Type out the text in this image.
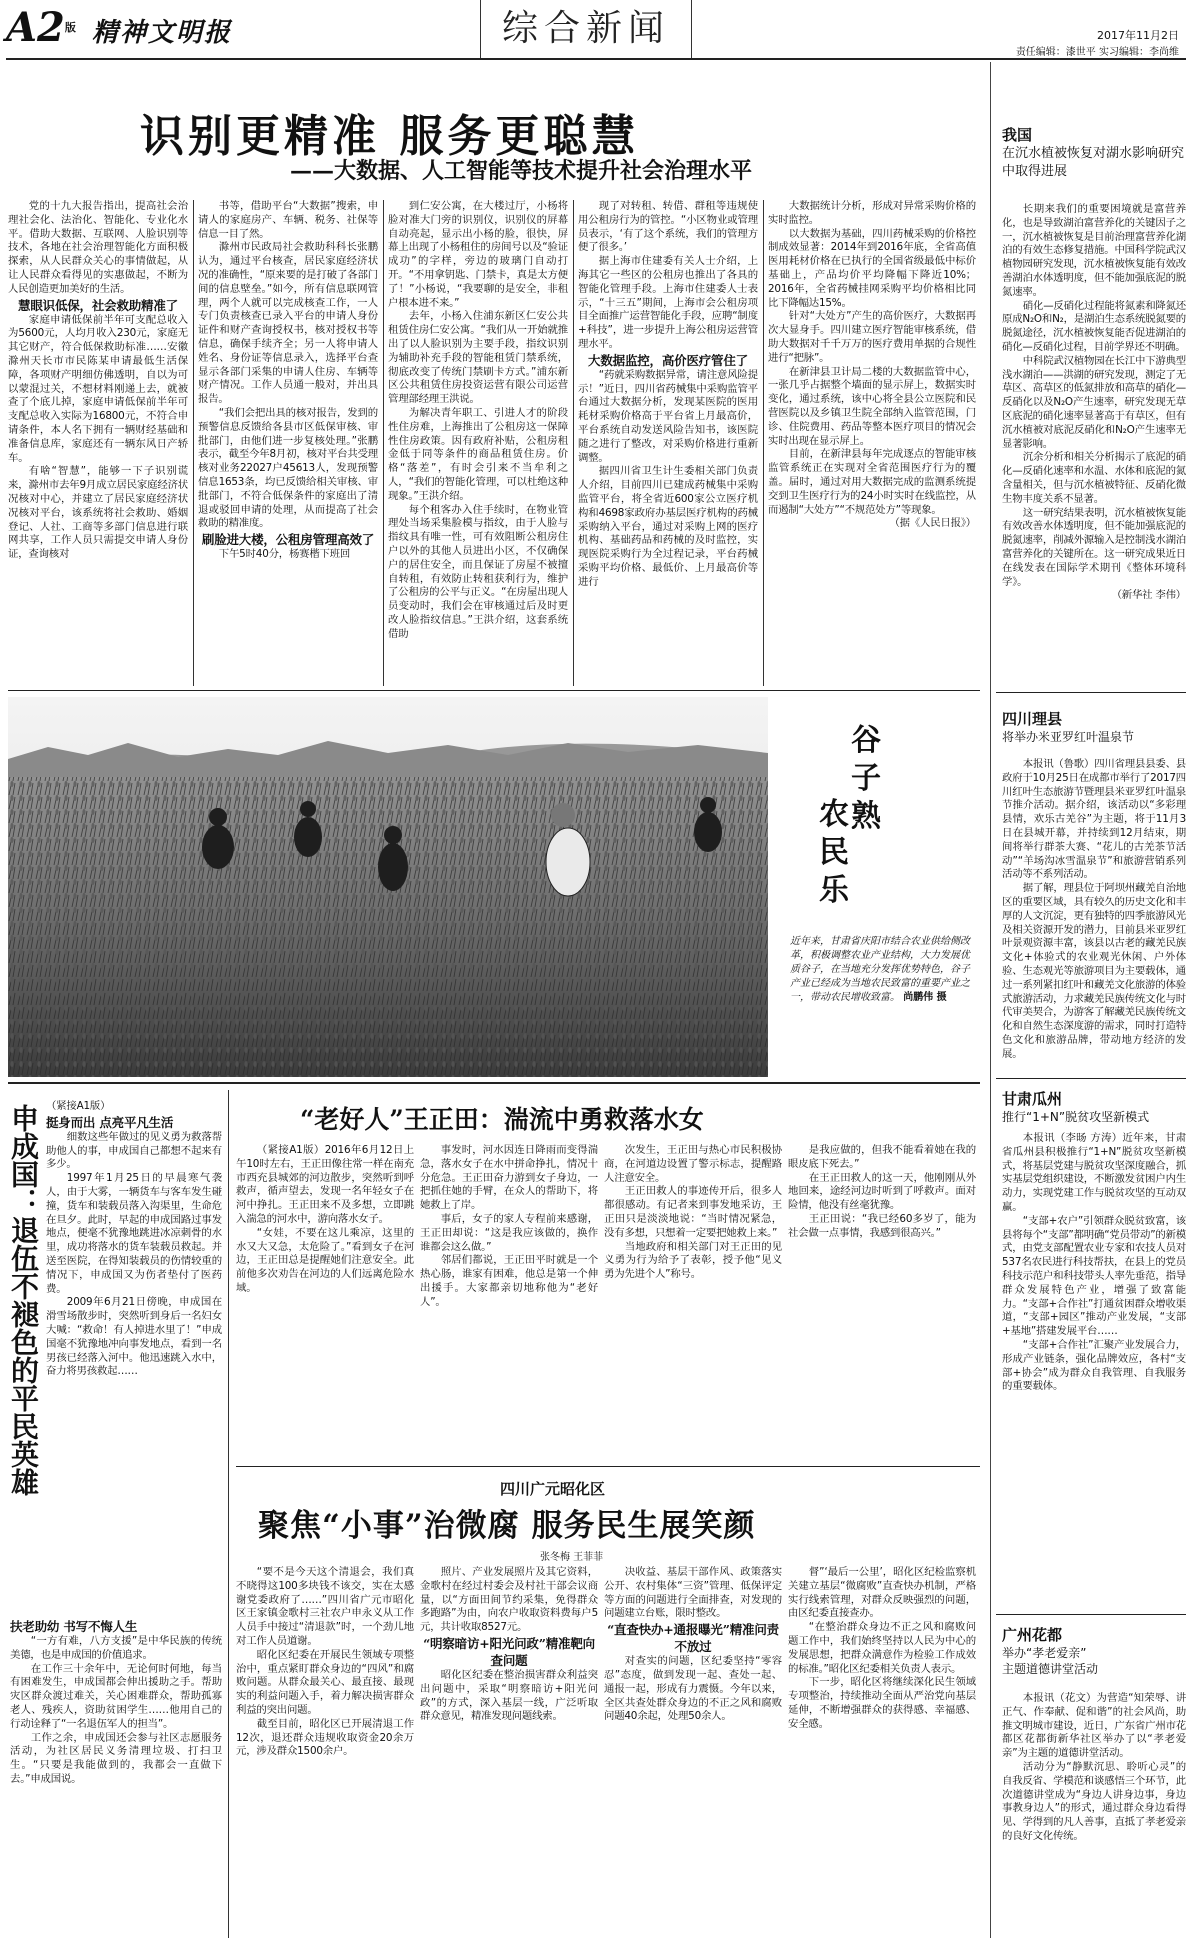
A2版 精神文明报	综合新闻	2017年11月2日
责任编辑：漆世平 实习编辑：李尚维
识别更精准 服务更聪慧
——大数据、人工智能等技术提升社会治理水平

党的十九大报告指出，提高社会治理社会化、法治化、智能化、专业化水平。借助大数据、互联网、人脸识别等技术，各地在社会治理智能化方面积极探索，从人民群众关心的事情做起，从让人民群众看得见的实惠做起，不断为人民创造更加美好的生活。

慧眼识低保，社会救助精准了

家庭申请低保前半年可支配总收入为5600元，人均月收入230元，家庭无其它财产，符合低保救助标准……安徽滁州天长市市民陈某申请最低生活保障，各项财产明细仿佛透明，自以为可以蒙混过关，不想材料刚递上去，就被查了个底儿掉，家庭申请低保前半年可支配总收入实际为16800元，不符合申请条件，本人名下拥有一辆财经基础和准备信息库，家庭还有一辆东风日产轿车。

有啥“智慧”，能够一下子识别谎来，滁州市去年9月成立居民家庭经济状况核对中心，并建立了居民家庭经济状况核对平台，该系统将社会救助、婚姻登记、人社、工商等多部门信息进行联网共享，工作人员只需提交申请人身份证，查询核对

书等，借助平台“大数据”搜索，申请人的家庭房产、车辆、税务、社保等信息一目了然。

滁州市民政局社会救助科科长张鹏认为，通过平台核查，居民家庭经济状况的准确性，“原来要的是打破了各部门间的信息壁垒。”如今，所有信息联网管理，两个人就可以完成核查工作，一人专门负责核查已录入平台的申请人身份证件和财产查询授权书，核对授权书等信息，确保手续齐全；另一人将申请人姓名、身份证等信息录入，选择平台查显示各部门采集的申请人住房、车辆等财产情况。工作人员通一般对，并出具报告。

“我们会把出具的核对报告，发到的预警信息反馈给各县市区低保审核、审批部门，由他们进一步复核处理。”张鹏表示，截至今年8月初，核对平台共受理核对业务22027户45613人，发现预警信息1653条，均已反馈给相关审核、审批部门，不符合低保条件的家庭出了清退或驳回申请的处理，从而提高了社会救助的精准度。

刷脸进大楼，公租房管理高效了

下午5时40分，杨赛楷下班回

到仁安公寓，在大楼过厅，小杨将脸对准大门旁的识别仪，识别仪的屏幕自动亮起，显示出小杨的脸，很快，屏幕上出现了小杨租住的房间号以及“验证成功”的字样，旁边的玻璃门自动打开。“不用拿钥匙、门禁卡，真是太方便了！”小杨说，“我要聊的是安全，非租户根本进不来。”

去年，小杨入住浦东新区仁安公共租赁住房仁安公寓。“我们从一开始就推出了以人脸识别为主要手段，指纹识别为辅助补充手段的智能租赁门禁系统，彻底改变了传统门禁刷卡方式。”浦东新区公共租赁住房投资运营有限公司运营管理部经理王洪说。

为解决青年职工、引进人才的阶段性住房难，上海推出了公租房这一保障性住房政策。因有政府补贴，公租房租金低于同等条件的商品租赁住房。价格“落差”，有时会引来不当牟利之人，“我们的智能化管理，可以杜绝这种现象。”王洪介绍。

每个租客办入住手续时，在物业管理处当场采集脸模与指纹，由于人脸与指纹具有唯一性，可有效阻断公租房住户以外的其他人员进出小区，不仅确保户的居住安全，而且保证了房屋不被擅自转租，有效防止转租获利行为，维护了公租房的公平与正义。“在房屋出现人员变动时，我们会在审核通过后及时更改人脸指纹信息。”王洪介绍，这套系统借助

现了对转租、转借、群租等违规使用公租房行为的管控。“小区物业或管理员表示，‘有了这个系统，我们的管理方便了很多。’

据上海市住建委有关人士介绍，上海其它一些区的公租房也推出了各具的智能化管理手段。上海市住建委人士表示，“十三五”期间，上海市会公租房项目全面推广运营智能化手段，应聘“制度+科技”，进一步提升上海公租房运营管理水平。

大数据监控，高价医疗管住了

“药就采购数据异常，请注意风险提示！”近日，四川省药械集中采购监管平台通过大数据分析，发现某医院的医用耗材采购价格高于平台省上月最高价，平台系统自动发送风险告知书，该医院随之进行了整改，对采购价格进行重新调整。

据四川省卫生计生委相关部门负责人介绍，目前四川已建成药械集中采购监管平台，将全省近600家公立医疗机构和4698家政府办基层医疗机构的药械采购纳入平台，通过对采购上网的医疗机构、基础药品和药械的及时监控，实现医院采购行为全过程记录，平台药械采购平均价格、最低价、上月最高价等进行

大数据统计分析，形成对异常采购价格的实时监控。

以大数据为基础，四川药械采购的价格控制成效显著：2014年到2016年底，全省高值医用耗材价格在已执行的全国省级最低中标价基础上，产品均价平均降幅下降近10%；2016年，全省药械挂网采购平均价格相比同比下降幅达15%。

针对“大处方”产生的高价医疗，大数据再次大显身手。四川建立医疗智能审核系统，借助大数据对千千万万的医疗费用单据的合规性进行“把脉”。

在新津县卫计局二楼的大数据监管中心，一张几乎占据整个墙面的显示屏上，数据实时变化，通过系统，该中心将全县公立医院和民营医院以及乡镇卫生院全部纳入监管范围，门诊、住院费用、药品等整本医疗项目的情况会实时出现在显示屏上。

目前，在新津县每年完成逐点的智能审核监管系统正在实现对全省范围医疗行为的覆盖。届时，通过对用大数据完成的监测系统提交到卫生医疗行为的24小时实时在线监控，从而遏制“大处方”“不规范处方”等现象。

（据《人民日报》）

我国
在沉水植被恢复对湖水影响研究中取得进展

长期来我们的重要困境就是富营养化，也是导致湖泊富营养化的关键因子之一，沉水植被恢复是目前治理富营养化湖泊的有效生态修复措施。中国科学院武汉植物园研究发现，沉水植被恢复能有效改善湖泊水体透明度，但不能加强底泥的脱氮速率。

硝化—反硝化过程能将氮素和降氮还原成N₂O和N₂，是湖泊生态系统脱氮要的脱氮途径，沉水植被恢复能否促进湖泊的硝化—反硝化过程，目前学界还不明确。

中科院武汉植物园在长江中下游典型浅水湖泊——洪湖的研究发现，测定了无草区、高草区的低氮排放和高草的硝化—反硝化以及N₂O产生速率，研究发现无草区底泥的硝化速率显著高于有草区，但有沉水植被对底泥反硝化和N₂O产生速率无显著影响。

沉余分析和相关分析揭示了底泥的硝化—反硝化速率和水温、水体和底泥的氮含量相关，但与沉水植被特征、反硝化微生物丰度关系不显著。

这一研究结果表明，沉水植被恢复能有效改善水体透明度，但不能加强底泥的脱氮速率，削减外源输入是控制浅水湖泊富营养化的关键所在。这一研究成果近日在线发表在国际学术期刊《整体环境科学》。

（新华社 李伟）

四川理县
将举办米亚罗红叶温泉节

本报讯（鲁歌）四川省理县县委、县政府于10月25日在成都市举行了2017四川红叶生态旅游节暨理县米亚罗红叶温泉节推介活动。据介绍，该活动以“多彩理县情，欢乐古羌谷”为主题，将于11月3日在县城开幕，并持续到12月结束，期间将举行群茶大赛、“花儿的古羌茶节活动”“羊场沟冰雪温泉节”和旅游营销系列活动等不系列活动。

据了解，理县位于阿坝州藏羌自治地区的重要区域，具有较久的历史文化和丰厚的人文沉淀，更有独特的四季旅游风光及相关资源开发的潜力，目前县米亚罗红叶景观资源丰富，该县以古老的藏羌民族文化+体验式的农业观光休闲、户外体验、生态观光等旅游项目为主要载体，通过一系列紧扣红叶和藏羌文化旅游的体验式旅游活动，力求藏羌民族传统文化与时代审美契合，为游客了解藏羌民族传统文化和自然生态深度游的需求，同时打造特色文化和旅游品牌，带动地方经济的发展。

甘肃瓜州
推行“1+N”脱贫攻坚新模式

本报讯（李旸 方涛）近年来，甘肃省瓜州县积极推行“1+N”脱贫攻坚新模式，将基层党建与脱贫攻坚深度融合，抓实基层党组织建设，不断激发贫困户内生动力，实现党建工作与脱贫攻坚的互动双赢。

“支部+农户”引领群众脱贫致富，该县将每个“支部”都明确“党员带动”的新模式，由党支部配置农业专家和农技人员对537名农民进行科技帮扶，在县上的党员科技示范户和科技带头人率先垂范，指导群众发展特色产业，增强了致富能力。“支部+合作社”打通贫困群众增收渠道，“支部+园区”推动产业发展，“支部+基地”搭建发展平台……

“支部+合作社”汇聚产业发展合力，形成产业链条，强化品牌效应，各村“支部+协会”成为群众自我管理、自我服务的重要载体。

广州花都
举办“孝老爱亲”
主题道德讲堂活动

本报讯（花文）为营造“知荣辱、讲正气、作奉献、促和谐”的社会风尚，助推文明城市建设，近日，广东省广州市花都区花都街新华社区举办了以“孝老爱亲”为主题的道德讲堂活动。

活动分为“静默沉思、聆听心灵”的自我反省、学模范和谈感悟三个环节，此次道德讲堂成为“身边人讲身边事，身边事教身边人”的形式，通过群众身边看得见、学得到的凡人善事，直抵了孝老爱亲的良好文化传统。

谷
子
熟
农
民
乐
近年来，甘肃省庆阳市结合农业供给侧改革，积极调整农业产业结构，大力发展优质谷子，在当地充分发挥优势特色，谷子产业已经成为当地农民致富的重要产业之一，带动农民增收致富。 尚鹏伟 摄
申成国：退伍不褪色的平民英雄 （紧接A1版）

挺身而出 点亮平凡生活

细数这些年做过的见义勇为救落帮助他人的事，申成国自己都想不起来有多少。

1997年1月25日的早晨寒气袭人，由于大雾，一辆货车与客车发生碰撞，货车和装载员落入沟渠里，生命危在旦夕。此时，早起的申成国路过事发地点，便毫不犹豫地跳进冰凉刺骨的水里，成功将落水的货车装载员救起。并送至医院，在得知装载员的伤情较重的情况下，申成国又为伤者垫付了医药费。

2009年6月21日傍晚，申成国在滑雪场散步时，突然听到身后一名妇女大喊：“救命！有人掉进水里了！”申成国毫不犹豫地冲向事发地点，看到一名男孩已经落入河中。他迅速跳入水中，奋力将男孩救起……

扶老助幼 书写不悔人生

“一方有难，八方支援”是中华民族的传统美德，也是申成国的价值追求。

在工作三十余年中，无论何时何地，每当有困难发生，申成国都会伸出援助之手。帮助灾区群众渡过难关，关心困难群众，帮助孤寡老人、残疾人，资助贫困学生……他用自己的行动诠释了“一名退伍军人的担当”。

工作之余，申成国还会参与社区志愿服务活动，为社区居民义务清理垃圾、打扫卫生。“只要是我能做到的，我都会一直做下去。”申成国说。

“老好人”王正田：湍流中勇救落水女

（紧接A1版）2016年6月12日上午10时左右，王正田像往常一样在南充市西充县城郊的河边散步，突然听到呼救声，循声望去，发现一名年轻女子在河中挣扎。王正田来不及多想，立即跳入湍急的河水中，游向落水女子。

“女娃，不要在这儿乘凉，这里的水又大又急，太危险了。”看到女子在河边，王正田总是提醒她们注意安全。此前他多次劝告在河边的人们远离危险水域。

事发时，河水因连日降雨而变得湍急，落水女子在水中拼命挣扎，情况十分危急。王正田奋力游到女子身边，一把抓住她的手臂，在众人的帮助下，将她救上了岸。

事后，女子的家人专程前来感谢，王正田却说：“这是我应该做的，换作谁都会这么做。”

邻居们都说，王正田平时就是一个热心肠，谁家有困难，他总是第一个伸出援手。大家都亲切地称他为“老好人”。

次发生，王正田与热心市民积极协商，在河道边设置了警示标志，提醒路人注意安全。

王正田救人的事迹传开后，很多人都很感动。有记者来到事发地采访，王正田只是淡淡地说：“当时情况紧急，没有多想，只想着一定要把她救上来。”

当地政府和相关部门对王正田的见义勇为行为给予了表彰，授予他“见义勇为先进个人”称号。

是我应做的，但我不能看着她在我的眼皮底下死去。”

在王正田救人的这一天，他刚刚从外地回来，途经河边时听到了呼救声。面对险情，他没有丝毫犹豫。

王正田说：“我已经60多岁了，能为社会做一点事情，我感到很高兴。”

四川广元昭化区
聚焦“小事”治微腐 服务民生展笑颜
张冬梅 王菲菲

“要不是今天这个清退会，我们真不晓得这100多块钱不该交，实在太感谢党委政府了……”四川省广元市昭化区王家镇金歌村三社农户申永义从工作人员手中接过“清退款”时，一个劲儿地对工作人员道谢。

昭化区纪委在开展民生领域专项整治中，重点紧盯群众身边的“四风”和腐败问题。从群众最关心、最直接、最现实的利益问题入手，着力解决损害群众利益的突出问题。

截至目前，昭化区已开展清退工作12次，退还群众违规收取资金20余万元，涉及群众1500余户。

照片、产业发展照片及其它资料，金歌村在经过村委会及村社干部会议商量，以“方面田间节约采集，免得群众多跑路”为由，向农户收取资料费每户5元，共计收取8527元。

“明察暗访+阳光问政”精准靶向查问题

昭化区纪委在整治损害群众利益突出问题中，采取“明察暗访+阳光问政”的方式，深入基层一线，广泛听取群众意见，精准发现问题线索。

决收益、基层干部作风、政策落实公开、农村集体“三资”管理、低保评定等方面的问题进行全面排查，对发现的问题建立台账，限时整改。

“直查快办+通报曝光”精准问责不放过

对查实的问题，区纪委坚持“零容忍”态度，做到发现一起、查处一起、通报一起，形成有力震慑。今年以来，全区共查处群众身边的不正之风和腐败问题40余起，处理50余人。

督”‘最后一公里’，昭化区纪检监察机关建立基层“微腐败”直查快办机制，严格实行线索管理，对群众反映强烈的问题，由区纪委直接查办。

“在整治群众身边不正之风和腐败问题工作中，我们始终坚持以人民为中心的发展思想，把群众满意作为检验工作成效的标准。”昭化区纪委相关负责人表示。

下一步，昭化区将继续深化民生领域专项整治，持续推动全面从严治党向基层延伸，不断增强群众的获得感、幸福感、安全感。
